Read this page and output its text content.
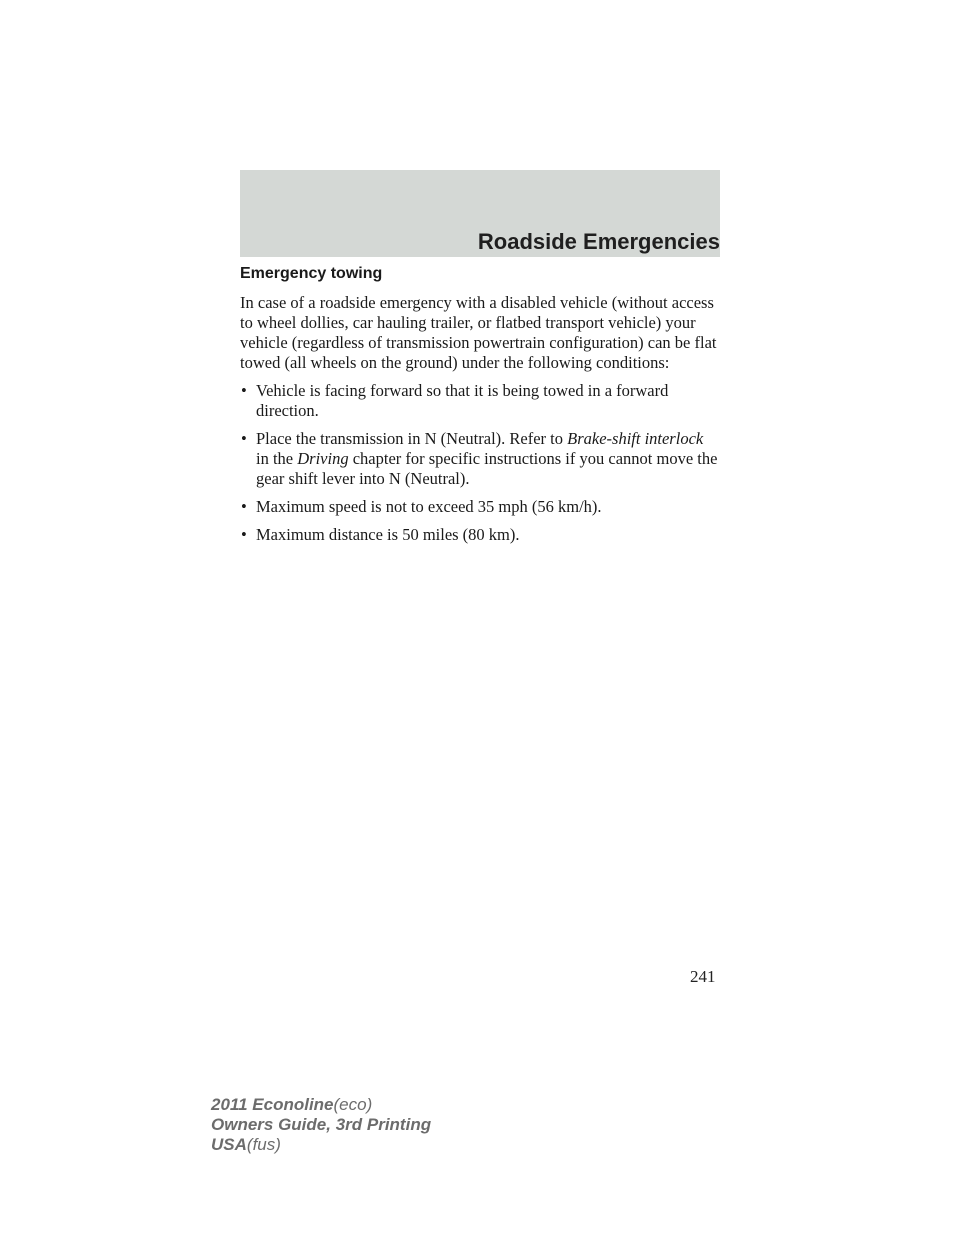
Roadside Emergencies
Emergency towing

In case of a roadside emergency with a disabled vehicle (without access to wheel dollies, car hauling trailer, or flatbed transport vehicle) your vehicle (regardless of transmission powertrain configuration) can be flat towed (all wheels on the ground) under the following conditions:

• Vehicle is facing forward so that it is being towed in a forward direction.
• Place the transmission in N (Neutral). Refer to Brake-shift interlock in the Driving chapter for specific instructions if you cannot move the gear shift lever into N (Neutral).
• Maximum speed is not to exceed 35 mph (56 km/h).
• Maximum distance is 50 miles (80 km).
241
2011 Econoline(eco)
Owners Guide, 3rd Printing
USA(fus)
